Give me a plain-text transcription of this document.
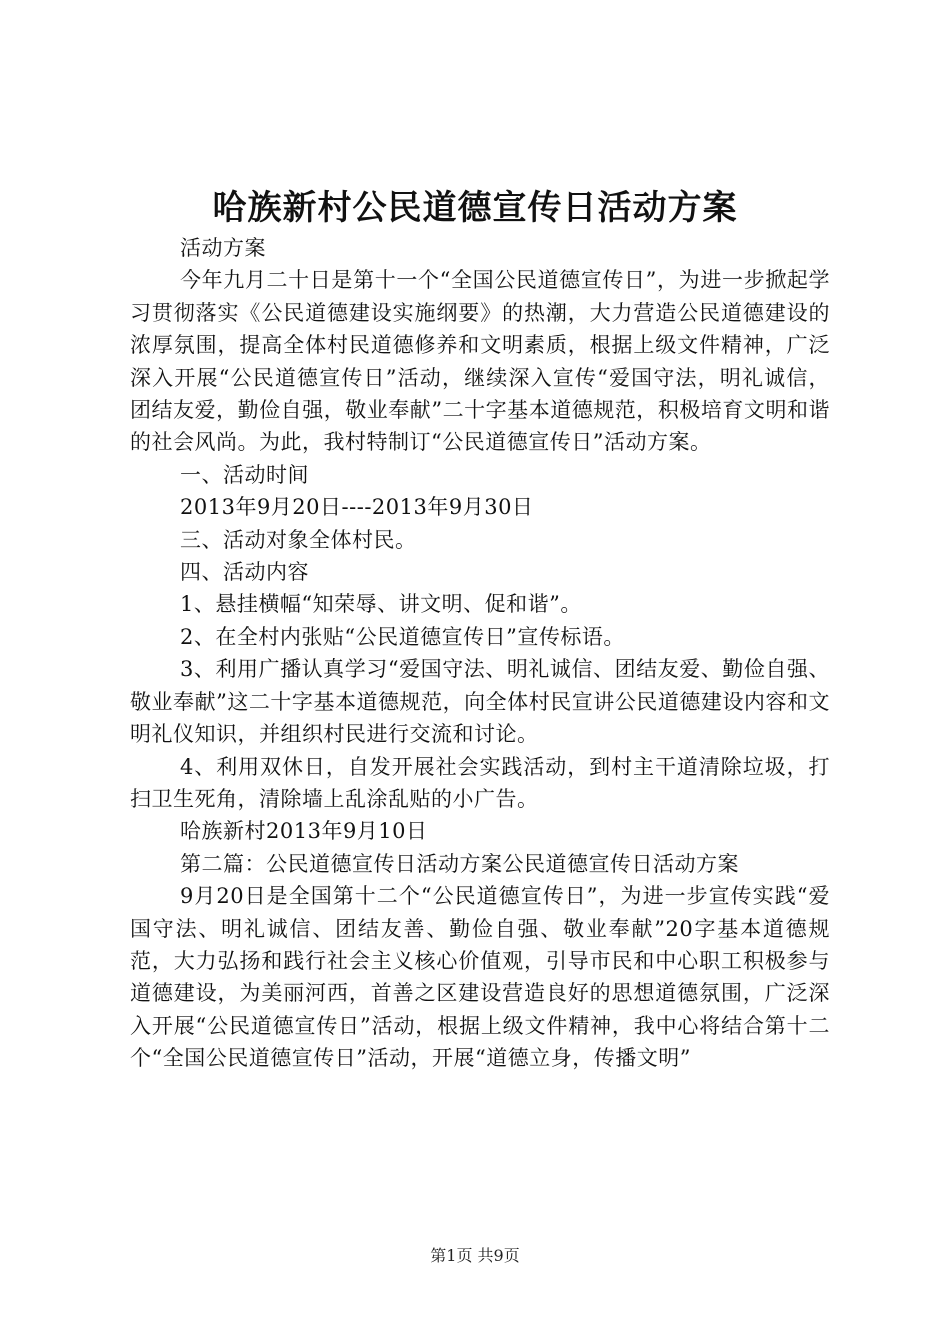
哈族新村公民道德宣传日活动方案

活动方案

今年九月二十日是第十一个“全国公民道德宣传日”，为进一步掀起学习贯彻落实《公民道德建设实施纲要》的热潮，大力营造公民道德建设的浓厚氛围，提高全体村民道德修养和文明素质，根据上级文件精神，广泛深入开展“公民道德宣传日”活动，继续深入宣传“爱国守法，明礼诚信，团结友爱，勤俭自强，敬业奉献”二十字基本道德规范，积极培育文明和谐的社会风尚。为此，我村特制订“公民道德宣传日”活动方案。

一、活动时间

2013年9月20日----2013年9月30日

三、活动对象全体村民。

四、活动内容

1、悬挂横幅“知荣辱、讲文明、促和谐”。

2、在全村内张贴“公民道德宣传日”宣传标语。

3、利用广播认真学习“爱国守法、明礼诚信、团结友爱、勤俭自强、敬业奉献”这二十字基本道德规范，向全体村民宣讲公民道德建设内容和文明礼仪知识，并组织村民进行交流和讨论。

4、利用双休日，自发开展社会实践活动，到村主干道清除垃圾，打扫卫生死角，清除墙上乱涂乱贴的小广告。

哈族新村2013年9月10日

第二篇：公民道德宣传日活动方案公民道德宣传日活动方案

9月20日是全国第十二个“公民道德宣传日”，为进一步宣传实践“爱国守法、明礼诚信、团结友善、勤俭自强、敬业奉献”20字基本道德规范，大力弘扬和践行社会主义核心价值观，引导市民和中心职工积极参与道德建设，为美丽河西，首善之区建设营造良好的思想道德氛围，广泛深入开展“公民道德宣传日”活动，根据上级文件精神，我中心将结合第十二个“全国公民道德宣传日”活动，开展“道德立身，传播文明”

第1页 共9页
